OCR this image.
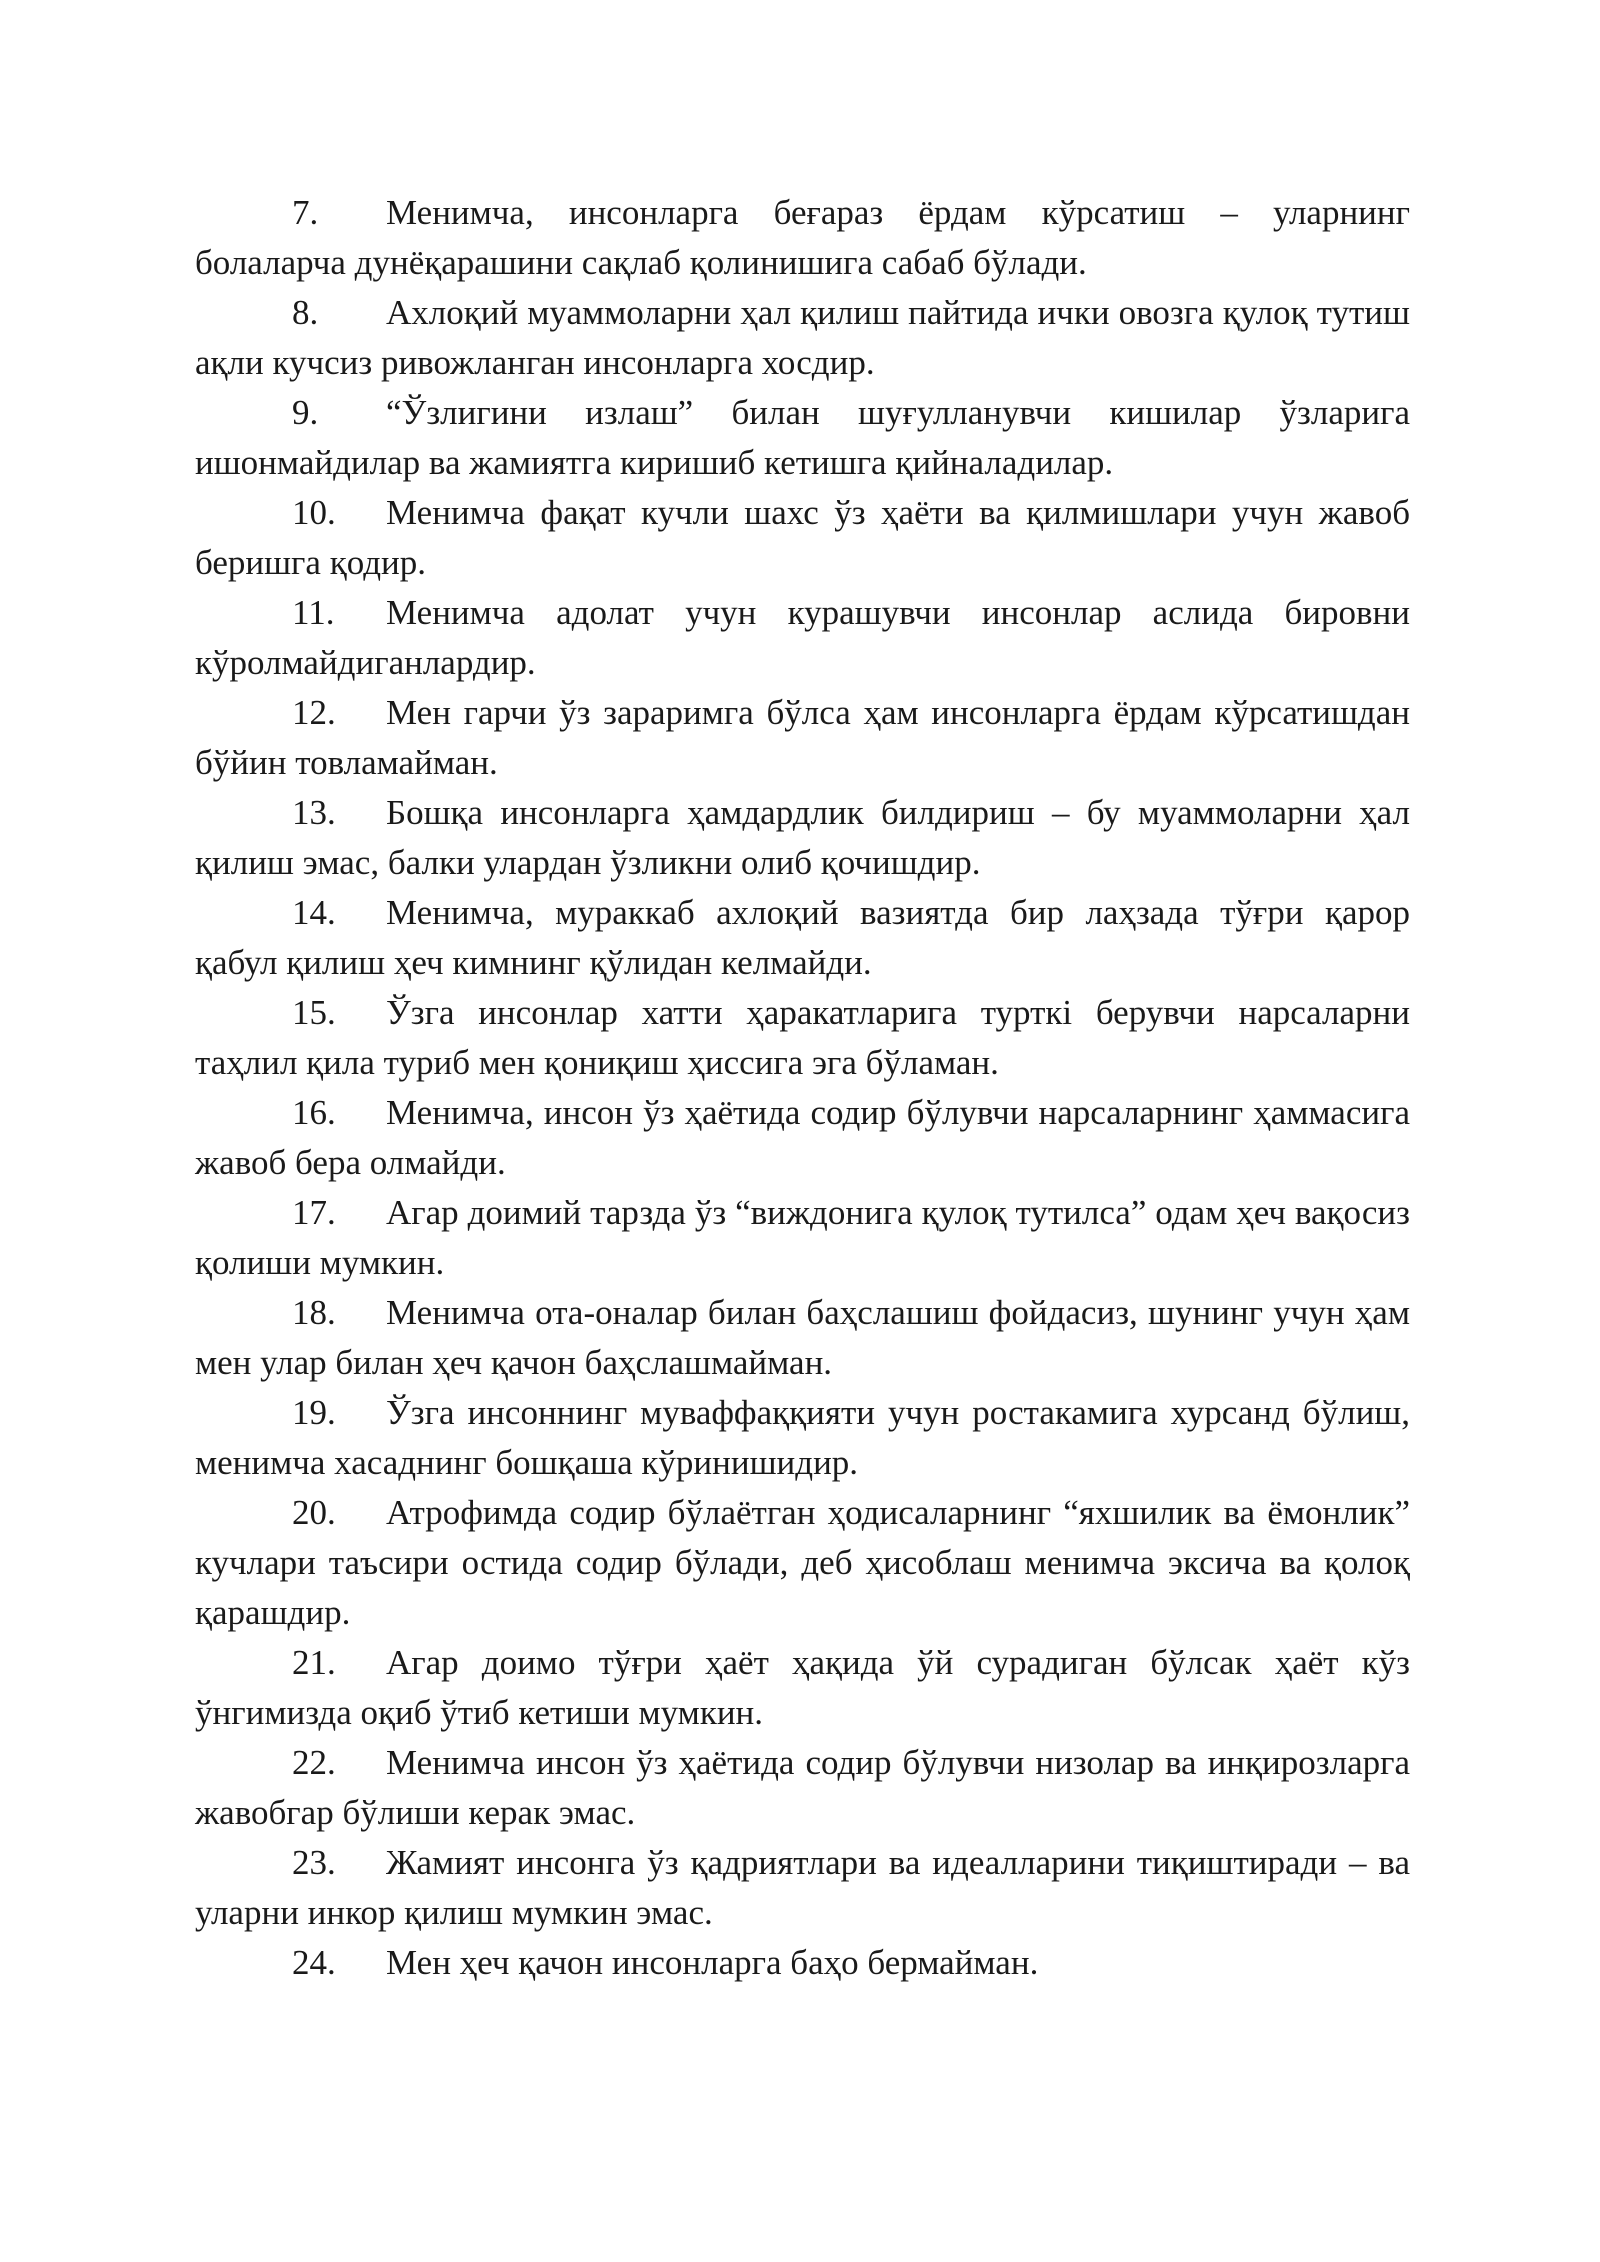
7. Менимча, инсонларга беғараз ёрдам кўрсатиш – уларнинг болаларча дунёқарашини сақлаб қолинишига сабаб бўлади.

8. Ахлоқий муаммоларни ҳал қилиш пайтида ички овозга қулоқ тутиш ақли кучсиз ривожланган инсонларга хосдир.

9. “Ўзлигини излаш” билан шуғулланувчи кишилар ўзларига ишонмайдилар ва жамиятга киришиб кетишга қийналадилар.

10. Менимча фақат кучли шахс ўз ҳаёти ва қилмишлари учун жавоб беришга қодир.

11. Менимча адолат учун курашувчи инсонлар аслида бировни кўролмайдиганлардир.

12. Мен гарчи ўз зараримга бўлса ҳам инсонларга ёрдам кўрсатишдан бўйин товламайман.

13. Бошқа инсонларга ҳамдардлик билдириш – бу муаммоларни ҳал қилиш эмас, балки улардан ўзликни олиб қочишдир.

14. Менимча, мураккаб ахлоқий вазиятда бир лаҳзада тўғри қарор қабул қилиш ҳеч кимнинг қўлидан келмайди.

15. Ўзга инсонлар хатти ҳаракатларига турткi берувчи нарсаларни таҳлил қила туриб мен қониқиш ҳиссига эга бўламан.

16. Менимча, инсон ўз ҳаётида содир бўлувчи нарсаларнинг ҳаммасига жавоб бера олмайди.

17. Агар доимий тарзда ўз “виждонига қулоқ тутилса” одам ҳеч вақосиз қолиши мумкин.

18. Менимча ота-оналар билан баҳслашиш фойдасиз, шунинг учун ҳам мен улар билан ҳеч қачон баҳслашмайман.

19. Ўзга инсоннинг муваффаққияти учун ростакамига хурсанд бўлиш, менимча хасаднинг бошқаша кўринишидир.

20. Атрофимда содир бўлаётган ҳодисаларнинг “яхшилик ва ёмонлик” кучлари таъсири остида содир бўлади, деб ҳисоблаш менимча эксича ва қолоқ қарашдир.

21. Агар доимо тўғри ҳаёт ҳақида ўй сурадиган бўлсак ҳаёт кўз ўнгимизда оқиб ўтиб кетиши мумкин.

22. Менимча инсон ўз ҳаётида содир бўлувчи низолар ва инқирозларга жавобгар бўлиши керак эмас.

23. Жамият инсонга ўз қадриятлари ва идеалларини тиқиштиради – ва уларни инкор қилиш мумкин эмас.

24. Мен ҳеч қачон инсонларга баҳо бермайман.
